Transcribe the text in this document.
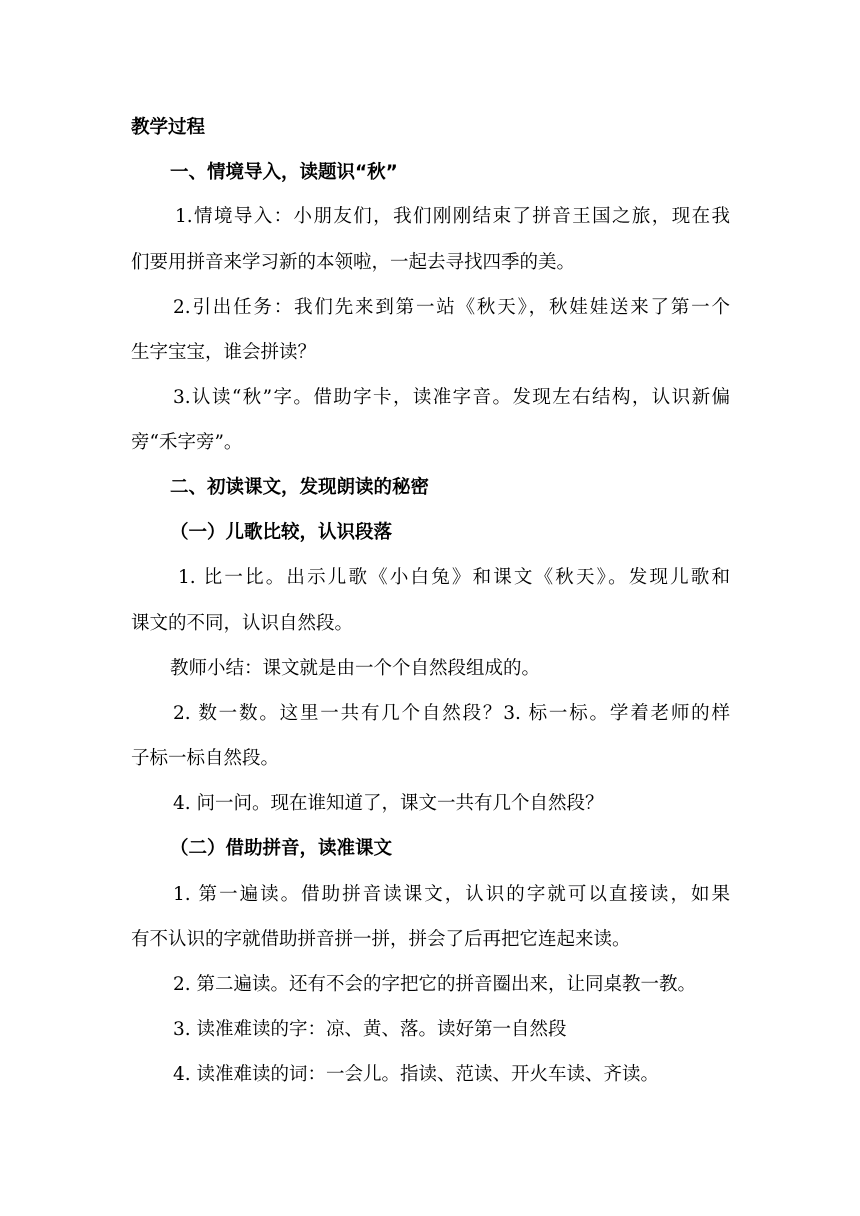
教学过程
一、情境导入，读题识“秋”
1.情境导入：小朋友们，我们刚刚结束了拼音王国之旅，现在我
们要用拼音来学习新的本领啦，一起去寻找四季的美。
2.引出任务：我们先来到第一站《秋天》，秋娃娃送来了第一个
生字宝宝，谁会拼读？
3.认读“秋”字。借助字卡，读准字音。发现左右结构，认识新偏
旁“禾字旁”。
二、初读课文，发现朗读的秘密
（一）儿歌比较，认识段落
1. 比一比。出示儿歌《小白兔》和课文《秋天》。发现儿歌和
课文的不同，认识自然段。
教师小结：课文就是由一个个自然段组成的。
2. 数一数。这里一共有几个自然段？3. 标一标。学着老师的样
子标一标自然段。
4. 问一问。现在谁知道了，课文一共有几个自然段？
（二）借助拼音，读准课文
1. 第一遍读。借助拼音读课文，认识的字就可以直接读，如果
有不认识的字就借助拼音拼一拼，拼会了后再把它连起来读。
2. 第二遍读。还有不会的字把它的拼音圈出来，让同桌教一教。
3. 读准难读的字：凉、黄、落。读好第一自然段
4. 读准难读的词：一会儿。指读、范读、开火车读、齐读。
